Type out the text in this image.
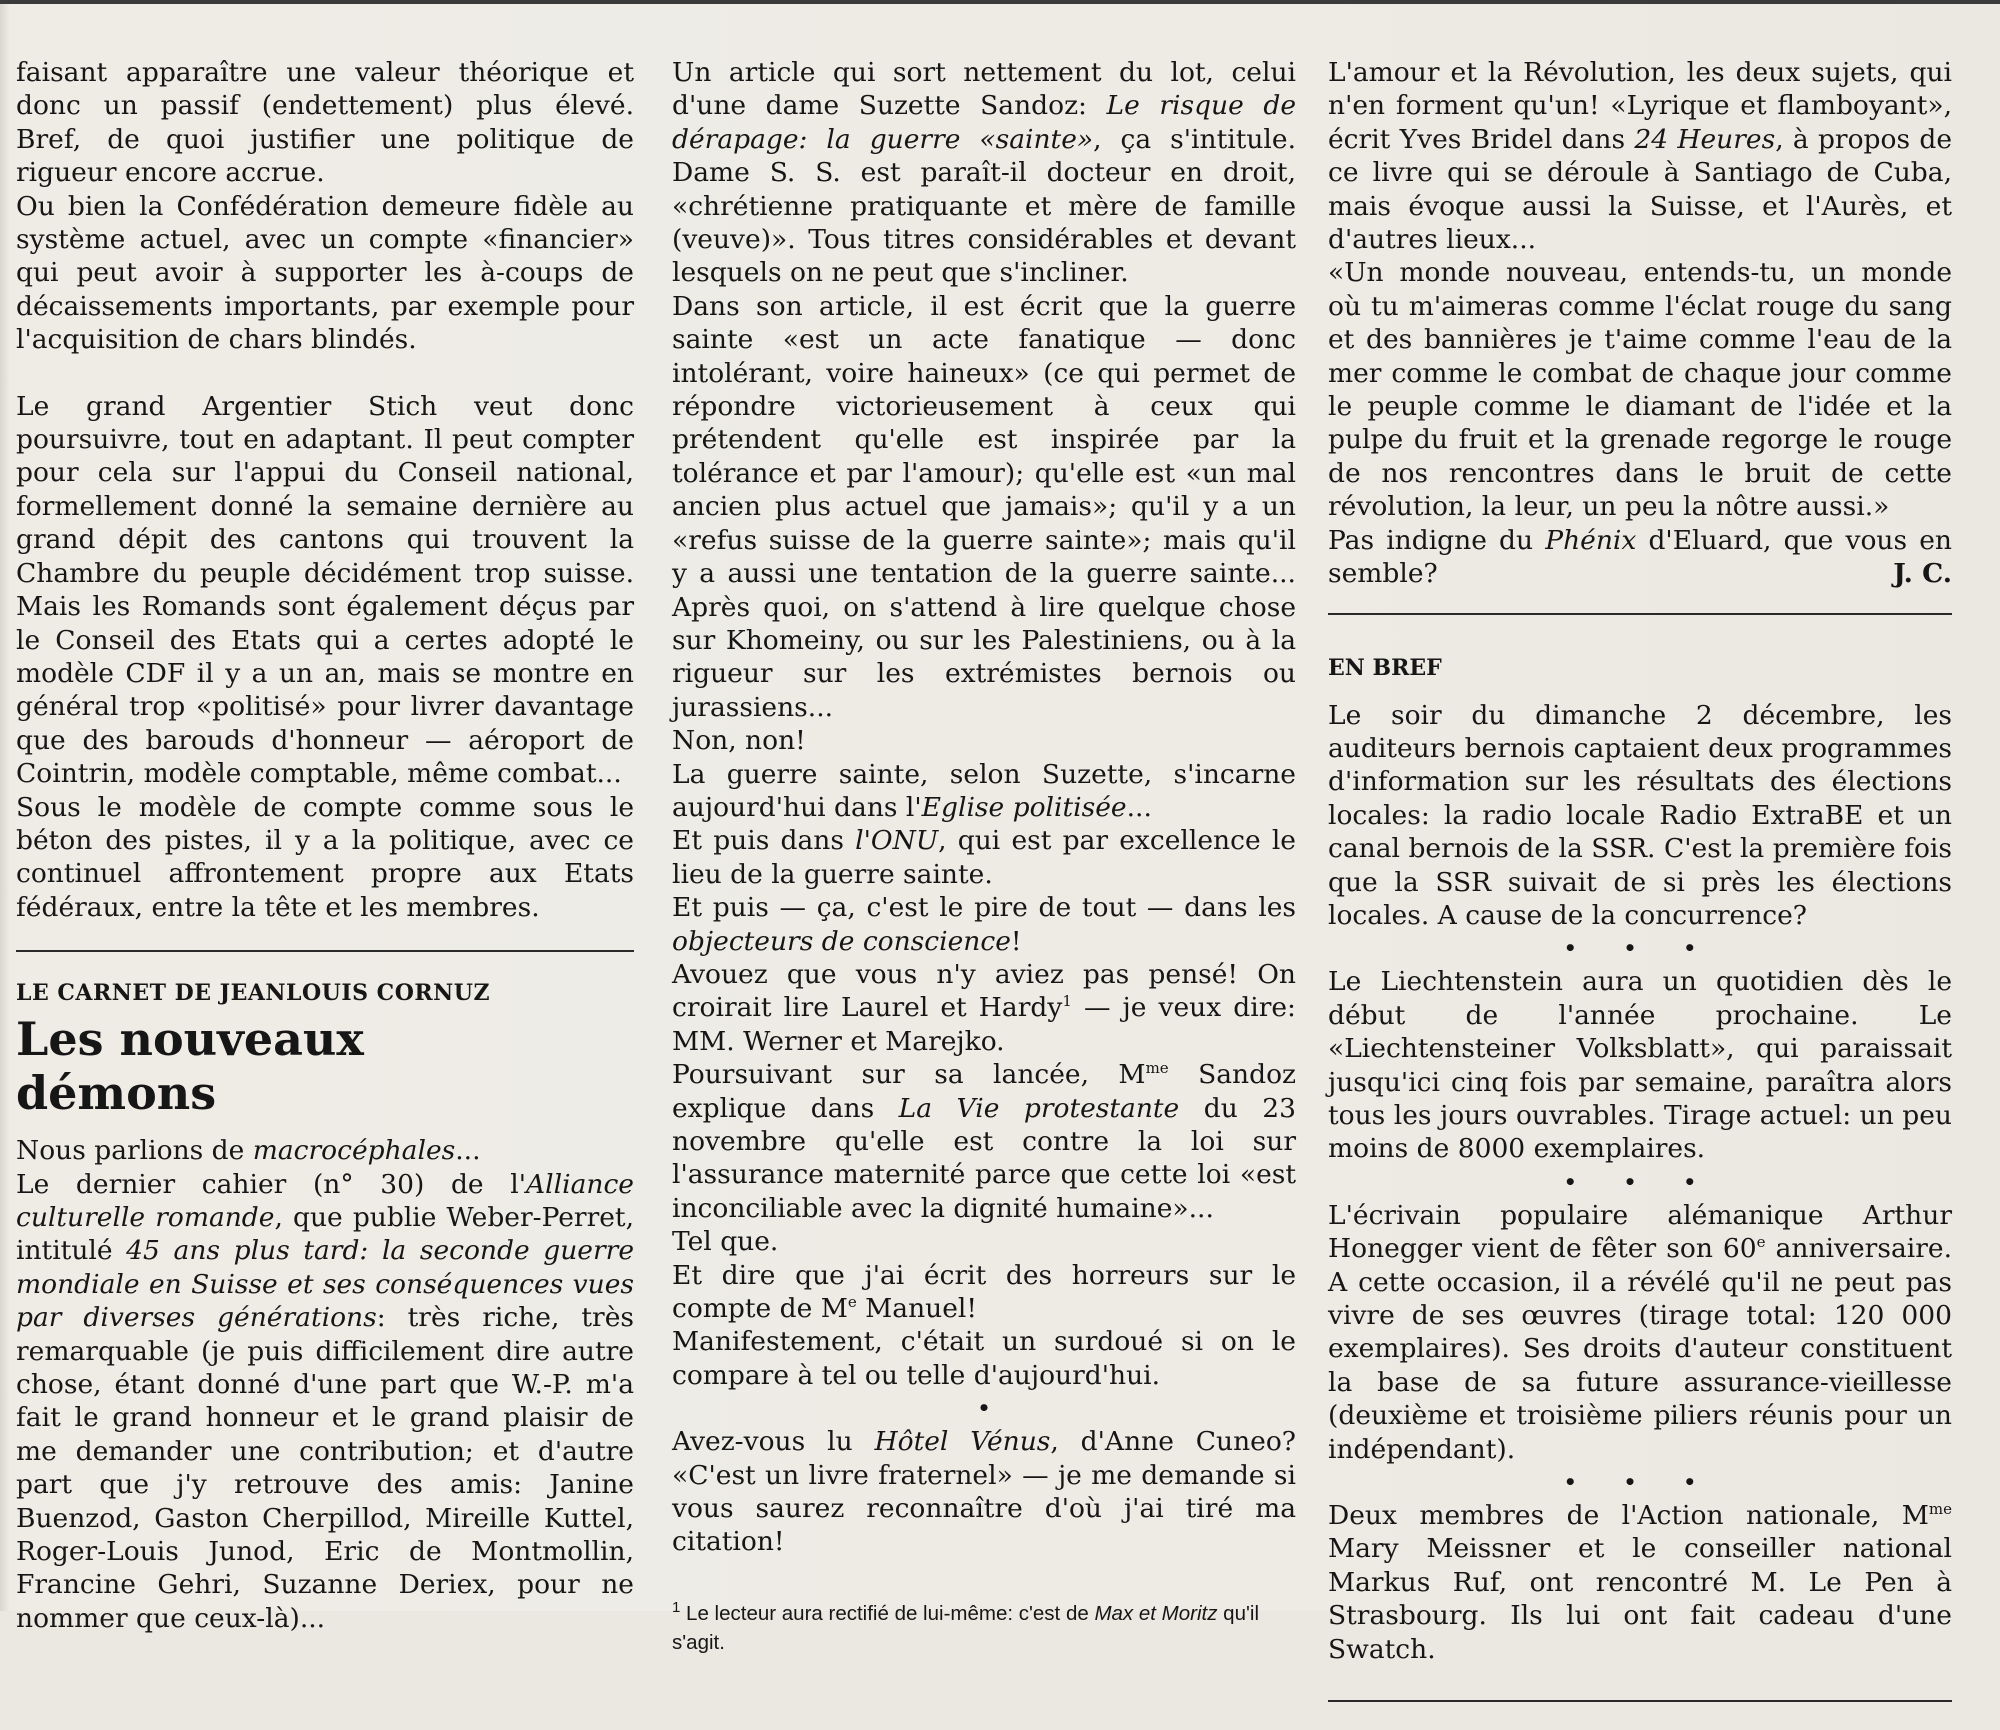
faisant apparaître une valeur théorique et donc un passif (endettement) plus élevé. Bref, de quoi justifier une politique de rigueur encore accrue.

Ou bien la Confédération demeure fidèle au système actuel, avec un compte «financier» qui peut avoir à supporter les à-coups de décaissements importants, par exemple pour l'acquisition de chars blindés.

Le grand Argentier Stich veut donc poursuivre, tout en adaptant. Il peut compter pour cela sur l'appui du Conseil national, formellement donné la semaine dernière au grand dépit des cantons qui trouvent la Chambre du peuple décidément trop suisse. Mais les Romands sont également déçus par le Conseil des Etats qui a certes adopté le modèle CDF il y a un an, mais se montre en général trop «politisé» pour livrer davantage que des barouds d'honneur — aéroport de Cointrin, modèle comptable, même combat...

Sous le modèle de compte comme sous le béton des pistes, il y a la politique, avec ce continuel affrontement propre aux Etats fédéraux, entre la tête et les membres.

LE CARNET DE JEANLOUIS CORNUZ
Les nouveaux
démons

Nous parlions de macrocéphales...

Le dernier cahier (n° 30) de l'Alliance culturelle romande, que publie Weber-Perret, intitulé 45 ans plus tard: la seconde guerre mondiale en Suisse et ses conséquences vues par diverses générations: très riche, très remarquable (je puis difficilement dire autre chose, étant donné d'une part que W.-P. m'a fait le grand honneur et le grand plaisir de me demander une contribution; et d'autre part que j'y retrouve des amis: Janine Buenzod, Gaston Cherpillod, Mireille Kuttel, Roger-Louis Junod, Eric de Montmollin, Francine Gehri, Suzanne Deriex, pour ne nommer que ceux-là)...

Un article qui sort nettement du lot, celui d'une dame Suzette Sandoz: Le risque de dérapage: la guerre «sainte», ça s'intitule. Dame S. S. est paraît-il docteur en droit, «chrétienne pratiquante et mère de famille (veuve)». Tous titres considérables et devant lesquels on ne peut que s'incliner.

Dans son article, il est écrit que la guerre sainte «est un acte fanatique — donc intolérant, voire haineux» (ce qui permet de répondre victorieusement à ceux qui prétendent qu'elle est inspirée par la tolérance et par l'amour); qu'elle est «un mal ancien plus actuel que jamais»; qu'il y a un «refus suisse de la guerre sainte»; mais qu'il y a aussi une tentation de la guerre sainte... Après quoi, on s'attend à lire quelque chose sur Khomeiny, ou sur les Palestiniens, ou à la rigueur sur les extrémistes bernois ou jurassiens...

Non, non!

La guerre sainte, selon Suzette, s'incarne aujourd'hui dans l'Eglise politisée...

Et puis dans l'ONU, qui est par excellence le lieu de la guerre sainte.

Et puis — ça, c'est le pire de tout — dans les objecteurs de conscience!

Avouez que vous n'y aviez pas pensé! On croirait lire Laurel et Hardy$^1$ — je veux dire: MM. Werner et Marejko.

Poursuivant sur sa lancée, $M^{me}$ Sandoz explique dans La Vie protestante du 23 novembre qu'elle est contre la loi sur l'assurance maternité parce que cette loi «est inconciliable avec la dignité humaine»...

Tel que.

Et dire que j'ai écrit des horreurs sur le compte de Me Manuel!

Manifestement, c'était un surdoué si on le compare à tel ou telle d'aujourd'hui.

•

Avez-vous lu Hôtel Vénus, d'Anne Cuneo? «C'est un livre fraternel» — je me demande si vous saurez reconnaître d'où j'ai tiré ma citation!

$^1$ Le lecteur aura rectifié de lui-même: c'est de Max et Moritz qu'il s'agit.

L'amour et la Révolution, les deux sujets, qui n'en forment qu'un! «Lyrique et flamboyant», écrit Yves Bridel dans 24 Heures, à propos de ce livre qui se déroule à Santiago de Cuba, mais évoque aussi la Suisse, et l'Aurès, et d'autres lieux...

«Un monde nouveau, entends-tu, un monde où tu m'aimeras comme l'éclat rouge du sang et des bannières je t'aime comme l'eau de la mer comme le combat de chaque jour comme le peuple comme le diamant de l'idée et la pulpe du fruit et la grenade regorge le rouge de nos rencontres dans le bruit de cette révolution, la leur, un peu la nôtre aussi.»

Pas indigne du Phénix d'Eluard, que vous en semble?	J. C.

EN BREF

Le soir du dimanche 2 décembre, les auditeurs bernois captaient deux programmes d'information sur les résultats des élections locales: la radio locale Radio ExtraBE et un canal bernois de la SSR. C'est la première fois que la SSR suivait de si près les élections locales. A cause de la concurrence?

• • •

Le Liechtenstein aura un quotidien dès le début de l'année prochaine. Le «Liechtensteiner Volksblatt», qui paraissait jusqu'ici cinq fois par semaine, paraîtra alors tous les jours ouvrables. Tirage actuel: un peu moins de 8000 exemplaires.

• • •

L'écrivain populaire alémanique Arthur Honegger vient de fêter son 60e anniversaire. A cette occasion, il a révélé qu'il ne peut pas vivre de ses œuvres (tirage total: 120 000 exemplaires). Ses droits d'auteur constituent la base de sa future assurance-vieillesse (deuxième et troisième piliers réunis pour un indépendant).

• • •

Deux membres de l'Action nationale, $M^{me}$ Mary Meissner et le conseiller national Markus Ruf, ont rencontré M. Le Pen à Strasbourg. Ils lui ont fait cadeau d'une Swatch.
